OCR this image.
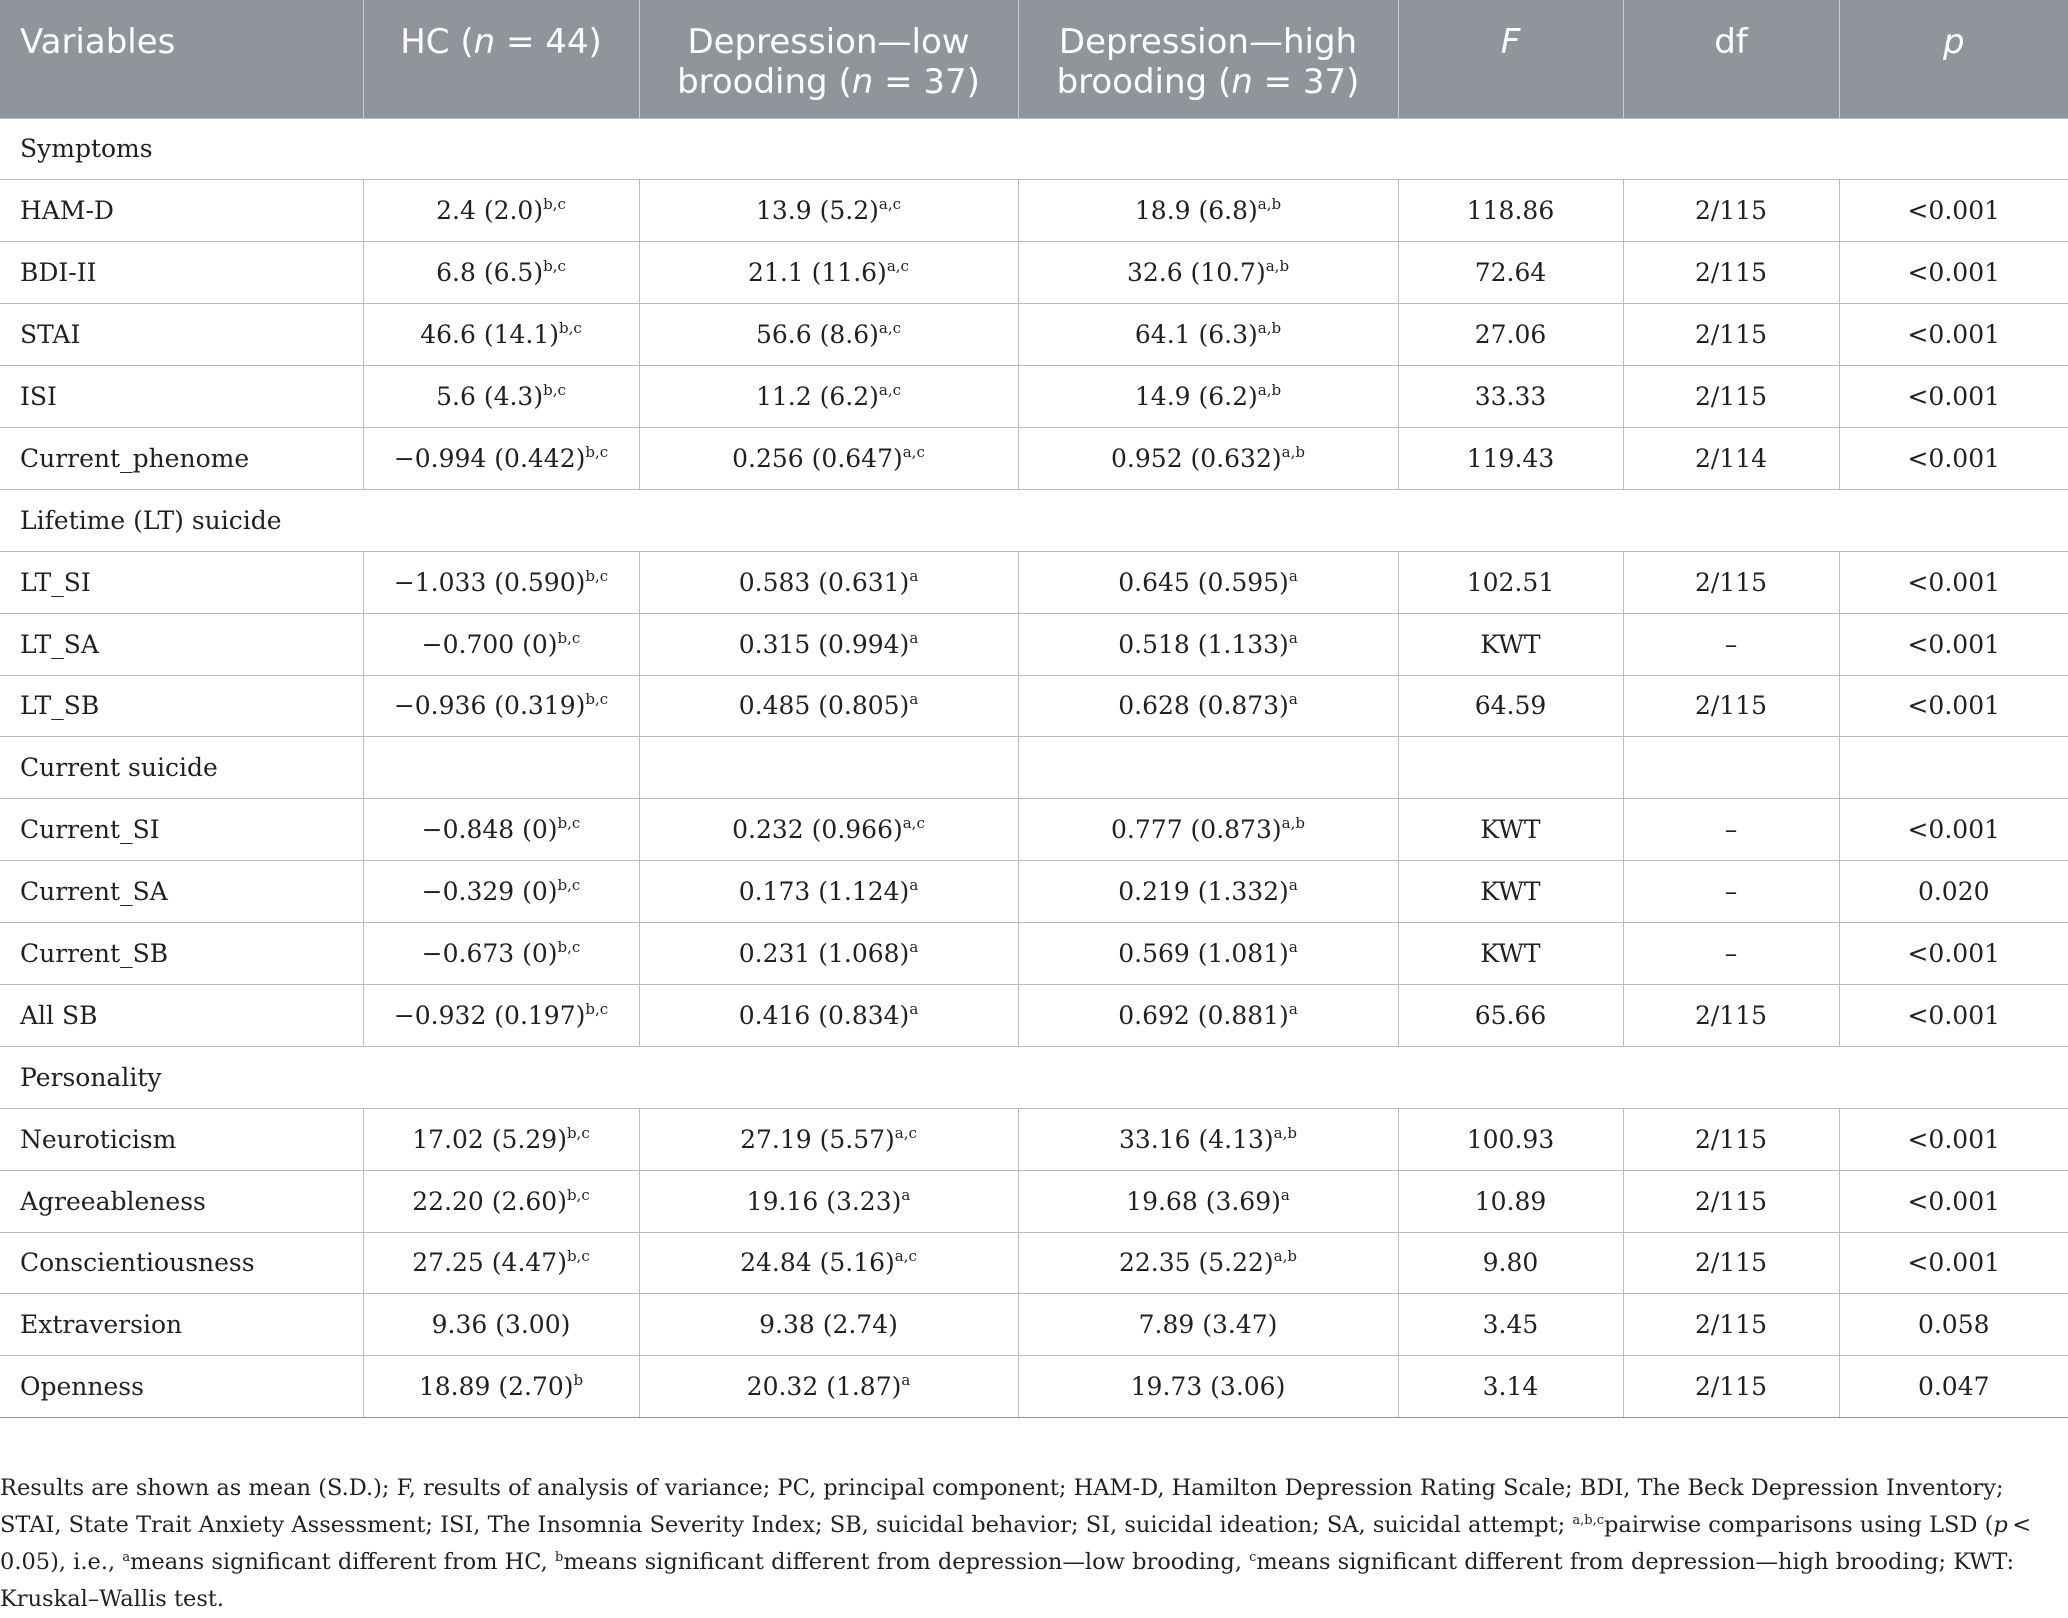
Variables	HC (n = 44)	Depression—low brooding (n = 37)	Depression—high brooding (n = 37)	F	df	p
Symptoms						
HAM-D	2.4 $(2.0)^{b,c}$	13.9 $(5.2)^{a,c}$	18.9 $(6.8)^{a,b}$	118.86	2/115	<0.001
BDI-II	6.8 $(6.5)^{b,c}$	21.1 $(11.6)^{a,c}$	32.6 $(10.7)^{a,b}$	72.64	2/115	<0.001
STAI	46.6 $(14.1)^{b,c}$	56.6 $(8.6)^{a,c}$	64.1 $(6.3)^{a,b}$	27.06	2/115	<0.001
ISI	5.6 $(4.3)^{b,c}$	11.2 $(6.2)^{a,c}$	14.9 $(6.2)^{a,b}$	33.33	2/115	<0.001
Current_phenome	−0.994 $(0.442)^{b,c}$	0.256 $(0.647)^{a,c}$	0.952 $(0.632)^{a,b}$	119.43	2/114	<0.001
Lifetime (LT) suicide						
LT_SI	−1.033 $(0.590)^{b,c}$	0.583 $(0.631)^a$	0.645 $(0.595)^a$	102.51	2/115	<0.001
LT_SA	−0.700 $(0)^{b,c}$	0.315 $(0.994)^a$	0.518 $(1.133)^a$	KWT	–	<0.001
LT_SB	−0.936 $(0.319)^{b,c}$	0.485 $(0.805)^a$	0.628 $(0.873)^a$	64.59	2/115	<0.001
Current suicide						
Current_SI	−0.848 $(0)^{b,c}$	0.232 $(0.966)^{a,c}$	0.777 $(0.873)^{a,b}$	KWT	–	<0.001
Current_SA	−0.329 $(0)^{b,c}$	0.173 $(1.124)^a$	0.219 $(1.332)^a$	KWT	–	0.020
Current_SB	−0.673 $(0)^{b,c}$	0.231 $(1.068)^a$	0.569 $(1.081)^a$	KWT	–	<0.001
All SB	−0.932 $(0.197)^{b,c}$	0.416 $(0.834)^a$	0.692 $(0.881)^a$	65.66	2/115	<0.001
Personality						
Neuroticism	17.02 $(5.29)^{b,c}$	27.19 $(5.57)^{a,c}$	33.16 $(4.13)^{a,b}$	100.93	2/115	<0.001
Agreeableness	22.20 $(2.60)^{b,c}$	19.16 $(3.23)^a$	19.68 $(3.69)^a$	10.89	2/115	<0.001
Conscientiousness	27.25 $(4.47)^{b,c}$	24.84 $(5.16)^{a,c}$	22.35 $(5.22)^{a,b}$	9.80	2/115	<0.001
Extraversion	9.36 (3.00)	9.38 (2.74)	7.89 (3.47)	3.45	2/115	0.058
Openness	18.89 $(2.70)^b$	20.32 $(1.87)^a$	19.73 (3.06)	3.14	2/115	0.047
Results are shown as mean (S.D.); F, results of analysis of variance; PC, principal component; HAM-D, Hamilton Depression Rating Scale; BDI, The Beck Depression Inventory; STAI, State Trait Anxiety Assessment; ISI, The Insomnia Severity Index; SB, suicidal behavior; SI, suicidal ideation; SA, suicidal attempt; $^{a,b,c}$pairwise comparisons using LSD (p < 0.05), i.e., $^a$means significant different from HC, $^b$means significant different from depression—low brooding, $^c$means significant different from depression—high brooding; KWT: Kruskal–Wallis test.
